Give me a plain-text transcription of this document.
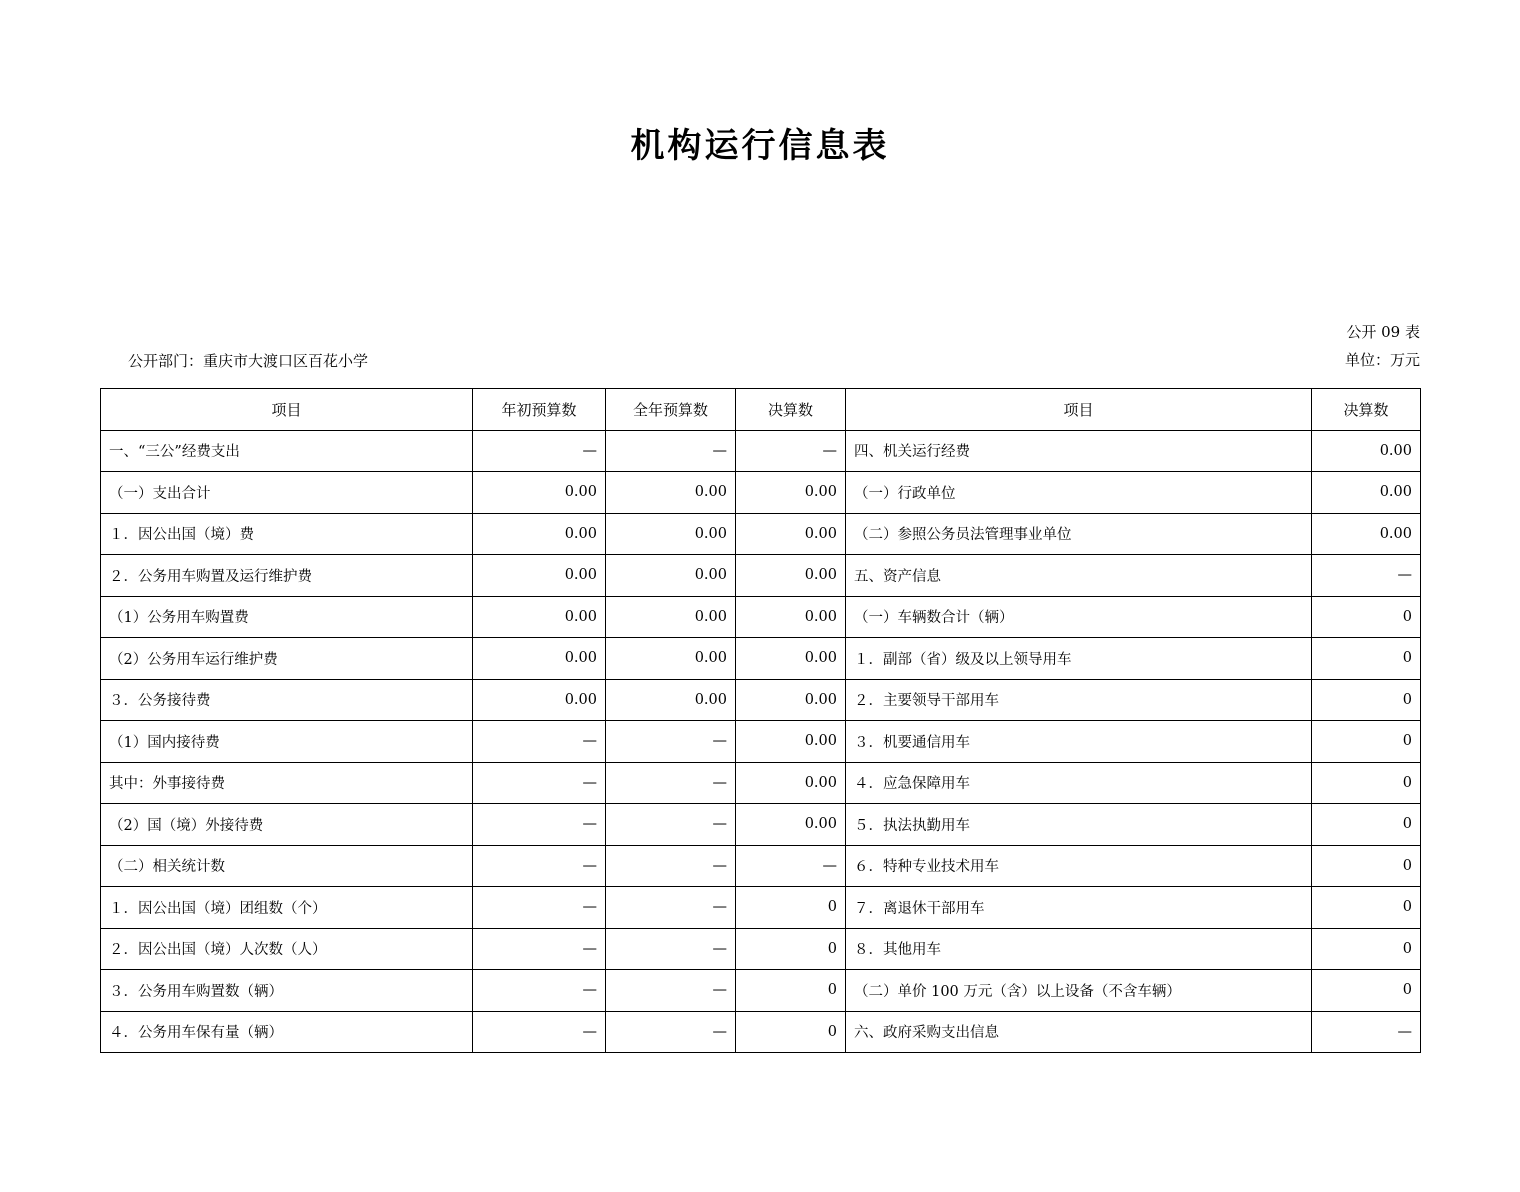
机构运行信息表
公开 09 表
单位：万元
公开部门：重庆市大渡口区百花小学
项目	年初预算数	全年预算数	决算数	项目	决算数
一、“三公”经费支出	—	—	—	四、机关运行经费	0.00
（一）支出合计	0.00	0.00	0.00	（一）行政单位	0.00
１．因公出国（境）费	0.00	0.00	0.00	（二）参照公务员法管理事业单位	0.00
２．公务用车购置及运行维护费	0.00	0.00	0.00	五、资产信息	—
（1）公务用车购置费	0.00	0.00	0.00	（一）车辆数合计（辆）	0
（2）公务用车运行维护费	0.00	0.00	0.00	１．副部（省）级及以上领导用车	0
３．公务接待费	0.00	0.00	0.00	２．主要领导干部用车	0
（1）国内接待费	—	—	0.00	３．机要通信用车	0
其中：外事接待费	—	—	0.00	４．应急保障用车	0
（2）国（境）外接待费	—	—	0.00	５．执法执勤用车	0
（二）相关统计数	—	—	—	６．特种专业技术用车	0
１．因公出国（境）团组数（个）	—	—	0	７．离退休干部用车	0
２．因公出国（境）人次数（人）	—	—	0	８．其他用车	0
３．公务用车购置数（辆）	—	—	0	（二）单价 100 万元（含）以上设备（不含车辆）	0
４．公务用车保有量（辆）	—	—	0	六、政府采购支出信息	—
